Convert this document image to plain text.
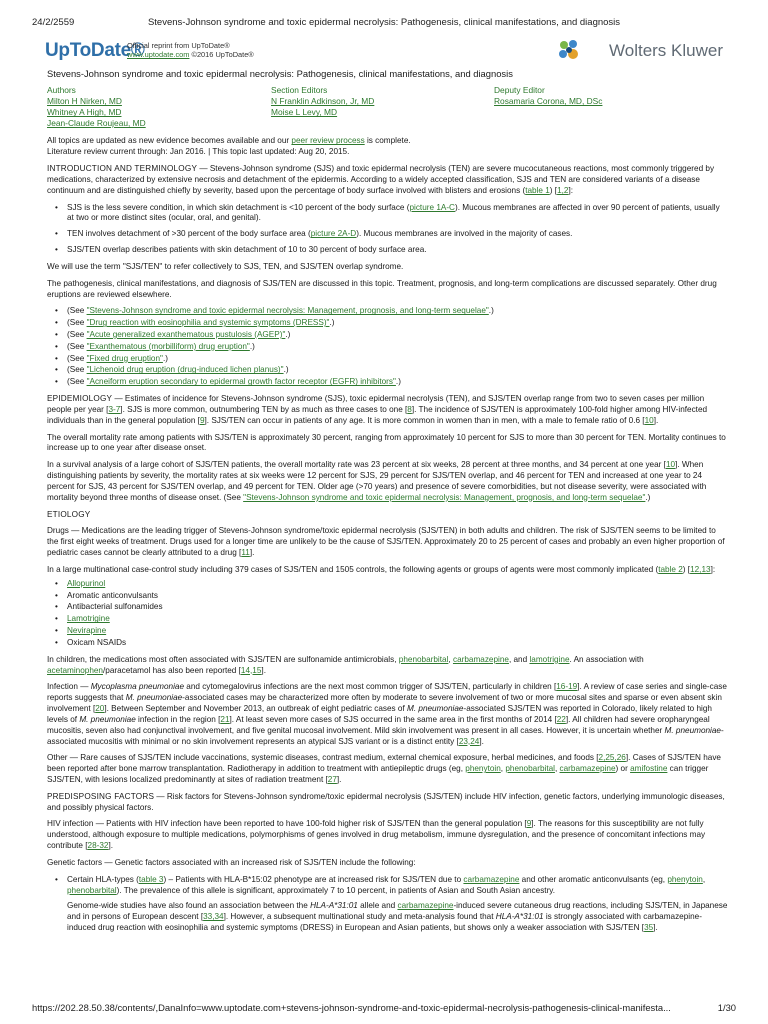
24/2/2559	Stevens-Johnson syndrome and toxic epidermal necrolysis: Pathogenesis, clinical manifestations, and diagnosis
UpToDate®
Official reprint from UpToDate®
www.uptodate.com ©2016 UpToDate®	Wolters Kluwer
Stevens-Johnson syndrome and toxic epidermal necrolysis: Pathogenesis, clinical manifestations, and diagnosis
Authors
Milton H Nirken, MD
Whitney A High, MD
Jean-Claude Roujeau, MD
Section Editors
N Franklin Adkinson, Jr, MD
Moise L Levy, MD
Deputy Editor
Rosamaria Corona, MD, DSc

All topics are updated as new evidence becomes available and our peer review process is complete.
Literature review current through: Jan 2016. | This topic last updated: Aug 20, 2015.

INTRODUCTION AND TERMINOLOGY — Stevens-Johnson syndrome (SJS) and toxic epidermal necrolysis (TEN) are severe mucocutaneous reactions, most commonly triggered by medications, characterized by extensive necrosis and detachment of the epidermis. According to a widely accepted classification, SJS and TEN are considered variants of a disease continuum and are distinguished chiefly by severity, based upon the percentage of body surface involved with blisters and erosions (table 1) [1,2]:

• SJS is the less severe condition, in which skin detachment is <10 percent of the body surface (picture 1A-C). Mucous membranes are affected in over 90 percent of patients, usually at two or more distinct sites (ocular, oral, and genital).
• TEN involves detachment of >30 percent of the body surface area (picture 2A-D). Mucous membranes are involved in the majority of cases.
• SJS/TEN overlap describes patients with skin detachment of 10 to 30 percent of body surface area.

We will use the term "SJS/TEN" to refer collectively to SJS, TEN, and SJS/TEN overlap syndrome.

The pathogenesis, clinical manifestations, and diagnosis of SJS/TEN are discussed in this topic. Treatment, prognosis, and long-term complications are discussed separately. Other drug eruptions are reviewed elsewhere.

• (See "Stevens-Johnson syndrome and toxic epidermal necrolysis: Management, prognosis, and long-term sequelae".)
• (See "Drug reaction with eosinophilia and systemic symptoms (DRESS)".)
• (See "Acute generalized exanthematous pustulosis (AGEP)".)
• (See "Exanthematous (morbilliform) drug eruption".)
• (See "Fixed drug eruption".)
• (See "Lichenoid drug eruption (drug-induced lichen planus)".)
• (See "Acneiform eruption secondary to epidermal growth factor receptor (EGFR) inhibitors".)

EPIDEMIOLOGY — Estimates of incidence for Stevens-Johnson syndrome (SJS), toxic epidermal necrolysis (TEN), and SJS/TEN overlap range from two to seven cases per million people per year [3-7]. SJS is more common, outnumbering TEN by as much as three cases to one [8]. The incidence of SJS/TEN is approximately 100-fold higher among HIV-infected individuals than in the general population [9]. SJS/TEN can occur in patients of any age. It is more common in women than in men, with a male to female ratio of 0.6 [10].

The overall mortality rate among patients with SJS/TEN is approximately 30 percent, ranging from approximately 10 percent for SJS to more than 30 percent for TEN. Mortality continues to increase up to one year after disease onset.

In a survival analysis of a large cohort of SJS/TEN patients, the overall mortality rate was 23 percent at six weeks, 28 percent at three months, and 34 percent at one year [10]. When distinguishing patients by severity, the mortality rates at six weeks were 12 percent for SJS, 29 percent for SJS/TEN overlap, and 46 percent for TEN and increased at one year to 24 percent for SJS, 43 percent for SJS/TEN overlap, and 49 percent for TEN. Older age (>70 years) and presence of severe comorbidities, but not disease severity, were associated with mortality beyond three months of disease onset. (See "Stevens-Johnson syndrome and toxic epidermal necrolysis: Management, prognosis, and long-term sequelae".)

ETIOLOGY

Drugs — Medications are the leading trigger of Stevens-Johnson syndrome/toxic epidermal necrolysis (SJS/TEN) in both adults and children. The risk of SJS/TEN seems to be limited to the first eight weeks of treatment. Drugs used for a longer time are unlikely to be the cause of SJS/TEN. Approximately 20 to 25 percent of cases and probably an even higher proportion of pediatric cases cannot be clearly attributed to a drug [11].

In a large multinational case-control study including 379 cases of SJS/TEN and 1505 controls, the following agents or groups of agents were most commonly implicated (table 2) [12,13]:

• Allopurinol
• Aromatic anticonvulsants
• Antibacterial sulfonamides
• Lamotrigine
• Nevirapine
• Oxicam NSAIDs

In children, the medications most often associated with SJS/TEN are sulfonamide antimicrobials, phenobarbital, carbamazepine, and lamotrigine. An association with acetaminophen/paracetamol has also been reported [14,15].

Infection — Mycoplasma pneumoniae and cytomegalovirus infections are the next most common trigger of SJS/TEN, particularly in children [16-19]. A review of case series and single-case reports suggests that M. pneumoniae-associated cases may be characterized more often by moderate to severe involvement of two or more mucosal sites and sparse or even absent skin involvement [20]. Between September and November 2013, an outbreak of eight pediatric cases of M. pneumoniae-associated SJS/TEN was reported in Colorado, likely related to high levels of M. pneumoniae infection in the region [21]. At least seven more cases of SJS occurred in the same area in the first months of 2014 [22]. All children had severe oropharyngeal mucositis, seven also had conjunctival involvement, and five genital mucosal involvement. Mild skin involvement was present in all cases. However, it is uncertain whether M. pneumoniae-associated mucositis with minimal or no skin involvement represents an atypical SJS variant or is a distinct entity [23,24].

Other — Rare causes of SJS/TEN include vaccinations, systemic diseases, contrast medium, external chemical exposure, herbal medicines, and foods [2,25,26]. Cases of SJS/TEN have been reported after bone marrow transplantation. Radiotherapy in addition to treatment with antiepileptic drugs (eg, phenytoin, phenobarbital, carbamazepine) or amifostine can trigger SJS/TEN, with lesions localized predominantly at sites of radiation treatment [27].

PREDISPOSING FACTORS — Risk factors for Stevens-Johnson syndrome/toxic epidermal necrolysis (SJS/TEN) include HIV infection, genetic factors, underlying immunologic diseases, and possibly physical factors.

HIV infection — Patients with HIV infection have been reported to have 100-fold higher risk of SJS/TEN than the general population [9]. The reasons for this susceptibility are not fully understood, although exposure to multiple medications, polymorphisms of genes involved in drug metabolism, immune dysregulation, and the presence of concomitant infections may contribute [28-32].

Genetic factors — Genetic factors associated with an increased risk of SJS/TEN include the following:

• Certain HLA-types (table 3) – Patients with HLA-B*15:02 phenotype are at increased risk for SJS/TEN due to carbamazepine and other aromatic anticonvulsants (eg, phenytoin, phenobarbital). The prevalence of this allele is significant, approximately 7 to 10 percent, in patients of Asian and South Asian ancestry.

Genome-wide studies have also found an association between the HLA-A*31:01 allele and carbamazepine-induced severe cutaneous drug reactions, including SJS/TEN, in Japanese and in persons of European descent [33,34]. However, a subsequent multinational study and meta-analysis found that HLA-A*31:01 is strongly associated with carbamazepine-induced drug reaction with eosinophilia and systemic symptoms (DRESS) in European and Asian patients, but shows only a weaker association with SJS/TEN [35].

https://202.28.50.38/contents/,DanaInfo=www.uptodate.com+stevens-johnson-syndrome-and-toxic-epidermal-necrolysis-pathogenesis-clinical-manifesta...	1/30
